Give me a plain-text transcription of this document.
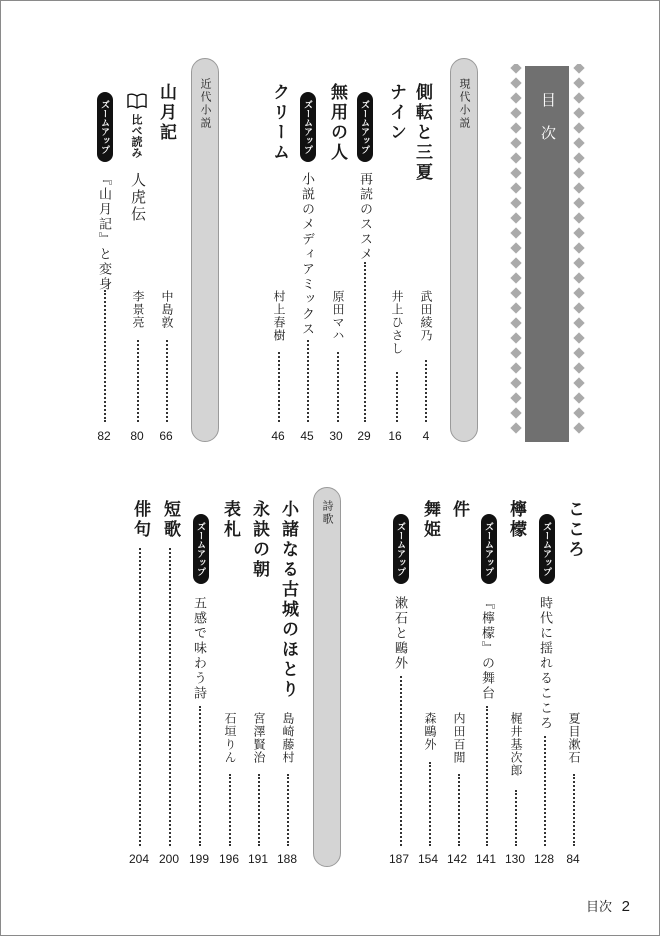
目次
現代小説
近代小説
詩歌
側転と三夏
武田綾乃
4
ナイン
井上ひさし
16
ズームアップ
再読のススメ
29
無用の人
原田マハ
30
ズームアップ
小説のメディアミックス
45
クリーム
村上春樹
46
山月記
中島敦
66
比べ読み
人虎伝
李景亮
80
ズームアップ
『山月記』と変身
82
こころ
夏目漱石
84
ズームアップ
時代に揺れるこころ
128
檸檬
梶井基次郎
130
ズームアップ
『檸檬』の舞台
141
件
内田百閒
142
舞姫
森鷗外
154
ズームアップ
漱石と鷗外
187
小諸なる古城のほとり
島崎藤村
188
永訣の朝
宮澤賢治
191
表札
石垣りん
196
ズームアップ
五感で味わう詩
199
短歌
200
俳句
204
目次 2
